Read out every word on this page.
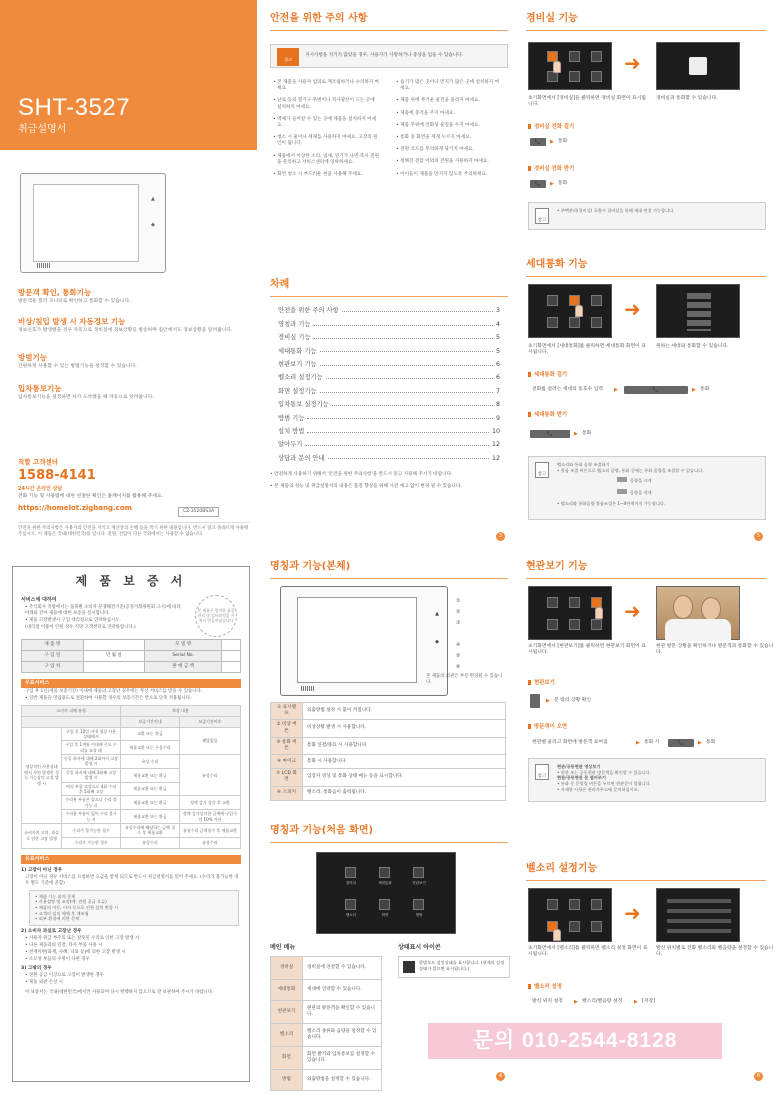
SHT-3527
취급설명서
▲
◆
방문객 확인, 통화기능

방문객을 컬러 모니터로 확인하고 통화할 수 있습니다.

비상/침입 발생 시 자동경보 기능

경보신호가 발생했을 경우 자동으로 경비실에 경보상황을 방송하며 집안에서도 경보상황을 알려줍니다.

방범기능

간편하게 사용할 수 있는 방범기능을 설정할 수 있습니다.

입차통보기능

입차통보기능을 설정하면 차가 도착했을 때 자동으로 알려줍니다.

직할 고객센터
1588-4141
24시간 온라인 상담
전화 기능 및 사용법에 대한 친절한 확인은 홈페이지를 활용해 주세요.
https://homelot.zigbang.com	CZ-3520BS3A
안전을 위한 주의사항은 사용자의 안전을 지키고 재산상의 손해 등을 막기 위한 내용입니다. 반드시 읽고 올바르게 사용해 주십시오. 이 제품은 국내(대한민국)용 입니다. 전원, 전압이 다른 국외에서는 사용할 수 없습니다.
제 품 보 증 서
서비스에 대하여
• 주식회사 직방에서는 품목별 소비자 분쟁해결기준(공정거래위원회 고시)에 따라 아래와 같이 제품에 대한 보증을 실시합니다.
• 제품 고장발생시 구입 대리점으로 연락하십시오.
(대리점 이용이 안될 경우 직방 고객센터로 연락바랍니다.)
본 제품은 엄격한 품질관리 및 검사과정을 거쳐서 만들어졌습니다
제 품 명		모 델 명	
구 입 일	년 월 일	Serial No.	
구 입 처		판 매 금 액	
무료서비스
구입 후 1년(제품 보증기간) 이내에 제품의 고장난 경우에는 무상 서비스를 받을 수 있습니다.
• 일반 제품을 영업용도로 전환하여 사용할 경우의 보증기간은 반으로 단축 적용됩니다.
소비자 피해 유형		보상 내용	
		보증기간이내	보증기간이후
정상적인 사용상태에서 자연 발생한 성능·기능상의 고장 발생 시	구입 후 10일 이내 정상 사용 상태에서	교환 또는 환급	해당없음
	구입 후 1개월 이내에 중요 수리를 요할 때	제품교환 또는 무상수리	
	동일 하자에 대해 2회까지 고장 발생 시	유상 수리	유상수리
	동일 하자에 대해 3회째 고장 발생 시	제품교환 또는 환급	
	여러 부위 고장으로 4회 수리 후 5회째 고장	제품교환 또는 환급	
	수리용 부품은 있으나 수리 불가능 시	제품교환 또는 환급	정액 감가 상각 후 교환
	수리용 부품이 없어 수리 불가능 시	제품교환 또는 환급	정액 감가상각한 금액에 구입가의 10% 가산
소비자의 고의, 과실로 인한 고장 발생	수리가 불가능한 경우	유상수리에 해당하는 금액 징수 후 제품교환	유상수리 금액징수 후 제품교환
	수리가 가능한 경우	유상수리	유상수리
유료서비스
1) 고장이 아닌 경우
고장이 아닌 경우 서비스를 요청하면 요금을 받게 되므로 반드시 취급설명서를 읽어 주세요. (수리가 불가능한 경우 별도 기준에 준함)
• 제품 기능 외의 문제
• 사용설명 및 조정(예: 전원 공급 오류)
• 제품의 이동, 이사 등으로 인한 설치 변경 시
• 고객의 임의 해체 후 재조립
• 외부 환경에 의한 문제
2) 소비자 과실로 고장난 경우
• 사용자 취급 부주의 또는 잘못된 수리로 인한 고장 발생 시
• 다른 제품과의 연결, 타사 부품 사용 시
• 천재지변(화재, 수해, 낙뢰 등)에 의한 고장 발생 시
• 소모성 부품의 수명이 다한 경우
3) 그밖의 경우
• 전원 공급 이상으로 고장이 발생한 경우
• 제품 외관 손상 시
이 보증서는 국내(대한민국)에서만 사용되며 다시 발행하지 않으므로 잘 보관하여 주시기 바랍니다.
안전을 위한 주의 사항
경고
지시사항을 지키지 않았을 경우, 사용자가 사망하거나 중상을 입을 수 있습니다.
• 본 제품을 사용자 임의로 재조립하거나 수리하지 마세요.
• 난로 등의 열기구 주변이나 직사광선이 드는 곳에 설치하지 마세요.
• 액체가 들어갈 수 있는 곳에 제품을 설치하지 마세요.
• 청소 시 물이나 세제를 사용하지 마세요. 고장의 원인이 됩니다.
• 제품에서 이상한 소리, 냄새, 연기가 나면 즉시 전원을 분리하고 서비스센터에 연락하세요.
• 화면 청소 시 부드러운 천을 사용해 주세요.
• 습기가 많은 곳이나 먼지가 많은 곳에 설치하지 마세요.
• 제품 위에 무거운 물건을 올리지 마세요.
• 제품에 충격을 주지 마세요.
• 제품 주위에 인화성 물질을 두지 마세요.
• 통화 중 화면을 세게 누르지 마세요.
• 전원 코드를 무리하게 당기지 마세요.
• 정해진 전압 이외의 전원을 사용하지 마세요.
• 아이들이 제품을 만지지 않도록 주의하세요.
차례
안전을 위한 주의 사항	3
명칭과 기능	4
경비실 기능	5
세대통화 기능	5
현관보기 기능	6
벨소리 설정기능	6
화면 설정기능	7
입차통보 설정기능	8
방범 기능	9
설치 방법	10
알아두기	12
상담과 문의 안내	12
• 안전하게 사용하기 위해서 '안전을 위한 주의사항'을 반드시 읽고 사용해 주시기 바랍니다.
• 본 제품의 성능 및 취급설명서의 내용은 품질 향상을 위해 사전 예고 없이 변경 될 수 있습니다.
3
명칭과 기능(본체)
▲
◆
①
②
③

④
⑤
⑥
본 제품의 외관은 부분 변경될 수 있습니다.
① 표시램프	외출방범 설정 시 불이 켜집니다.
② 비상 버튼	비상상황 발생 시 사용합니다.
③ 통화 버튼	통화 연결/종료 시 사용합니다.
④ 마이크	통화 시 사용합니다.
⑤ LCD 화면	입장자 영상 및 통화 상태 메뉴 등을 표시합니다.
⑥ 스피커	벨소리, 통화음이 출력됩니다.
명칭과 기능(처음 화면)
경비실	세대통화	현관보기
벨소리	화면	방범
메인 메뉴	상태표시 아이콘
경비실	경비실에 연결할 수 있습니다.
세대통화	세대에 연락할 수 있습니다.
현관보기	현관의 방문객을 확인할 수 있습니다.
벨소리	벨소리 종류와 음량을 설정할 수 있습니다.
화면	화면 밝기와 입차통보를 설정할 수 있습니다.
방범	외출방범을 설정할 수 있습니다.
방범모드 설정상태를 표시합니다. (현재의 설정상태가 있으면 표시됩니다.)
4
경비실 기능
➜
초기화면에서 [경비실]을 클릭하면 경비실 화면이 표시됩니다.
경비실과 통화할 수 있습니다.
경비실 전화 걸기
📞	▶ 통화
경비실 전화 받기
📞	▶ 통화
참고
• 주택관리(경비실) 호출시 경비실을 통해 세대 연결 가능합니다.
세대통화 기능
➜
초기화면에서 [세대통화]를 클릭하면 세대통화 화면이 표시됩니다.
원하는 세대와 통화할 수 있습니다.
세대통화 걸기
전화를 걸려는 세대의 동호수 입력 ▶	📞	▶ 통화
세대통화 받기
📞	▶ 통화
참고
벨소리와 통화 음량 조절하기
• 볼륨 조절 버튼으로 벨소리 음량, 통화 중에는 통화 음량을 조절할 수 있습니다.
음량을 크게
음량을 작게
• 벨소리와 통화음량 볼륨조절은 1~4단계까지 가능합니다.
5
현관보기 기능
➜
초기화면에서 [현관보기]를 클릭하면 현관보기 화면이 표시됩니다.
현관 방문 상황을 확인하거나 방문객과 통화할 수 있습니다.
현관보기
▶ 문 밖의 상황 확인
방문객이 오면
현관벨 울리고 화면에 방문객 보여짐	▶ 통화 시	📞	▶ 통화
참고
현관/공동현관 영상보기
• 현관 또는 공동현관 방문객을 확인할 수 있습니다.
현관/공동현관 문 열어주기
• 통화 중 문열림 버튼을 누르면 현관문이 열립니다.
• 자세한 사항은 관리사무소에 문의하십시오.
벨소리 설정기능
➜
초기화면에서 [벨소리]를 클릭하면 벨소리 설정 화면이 표시됩니다.
발신 위치별로 전화 벨소리와 벨음량을 설정할 수 있습니다.
벨소리 설정
발신 위치 설정 ▶ 벨소리/벨음량 설정 ▶ [저장]
6
문의 010-2544-8128
